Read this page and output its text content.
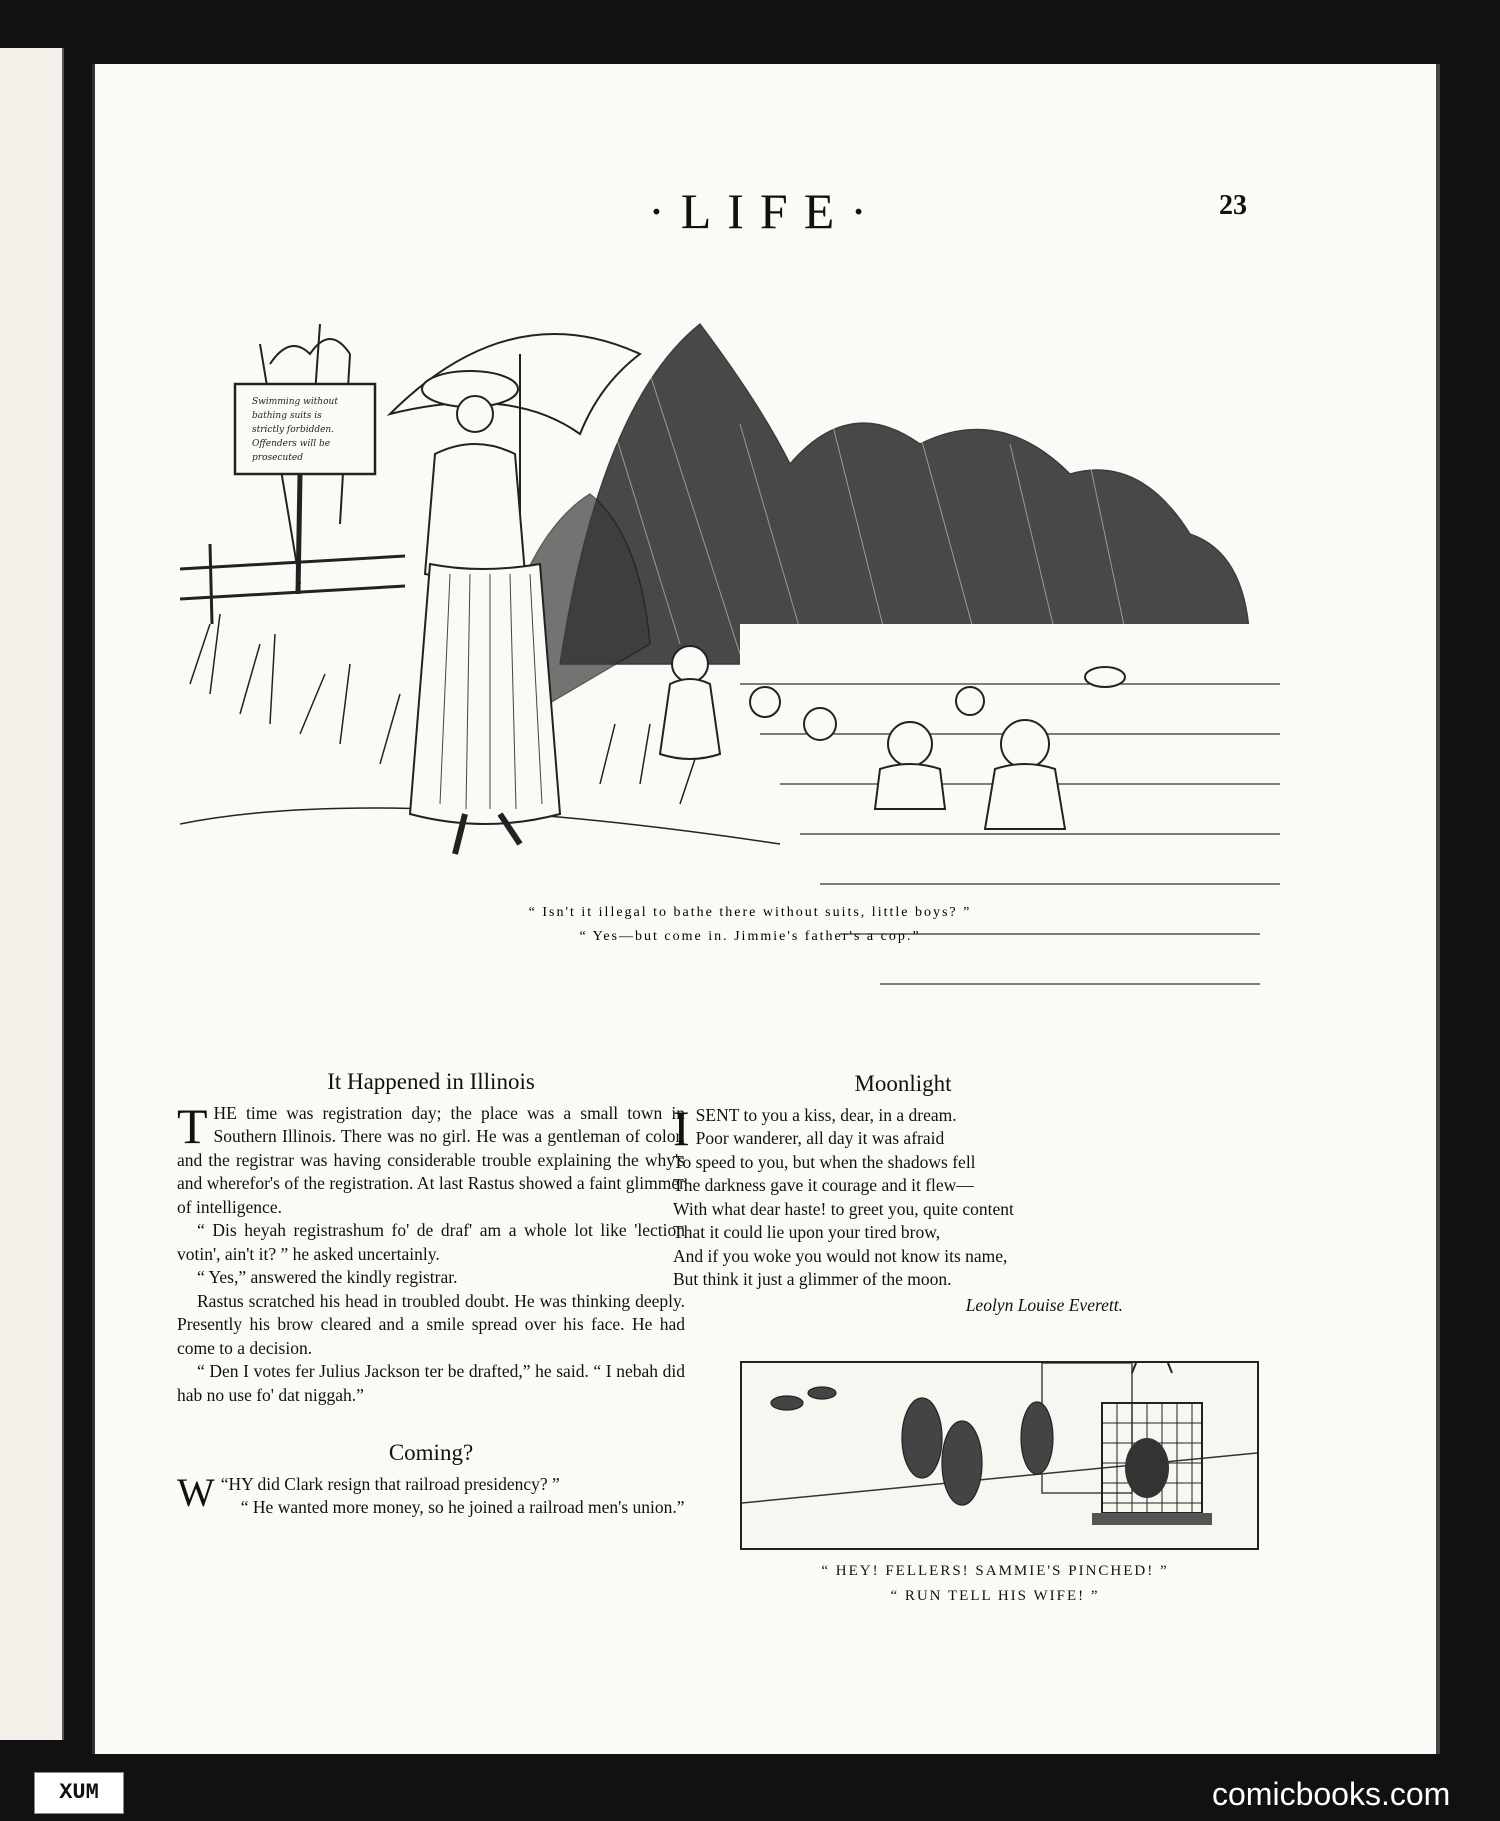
·LIFE·	23
Swimming without
bathing suits is
strictly forbidden.
Offenders will be
prosecuted
“ Isn't it illegal to bathe there without suits, little boys? ”
“ Yes—but come in. Jimmie's father's a cop.”
It Happened in Illinois

THE time was registration day; the place was a small town in Southern Illinois. There was no girl. He was a gentleman of color, and the registrar was having considerable trouble explaining the why's and wherefor's of the registration. At last Rastus showed a faint glimmer of intelligence.

“ Dis heyah registrashum fo' de draf' am a whole lot like 'lection votin', ain't it? ” he asked uncertainly.

“ Yes,” answered the kindly registrar.

Rastus scratched his head in troubled doubt. He was thinking deeply. Presently his brow cleared and a smile spread over his face. He had come to a decision.

“ Den I votes fer Julius Jackson ter be drafted,” he said. “ I nebah did hab no use fo' dat niggah.”

Coming?

“
W HY did Clark resign that railroad presidency? ”

“ He wanted more money, so he joined a railroad men's union.”

Moonlight
I SENT to you a kiss, dear, in a dream.
Poor wanderer, all day it was afraid
To speed to you, but when the shadows fell
The darkness gave it courage and it flew—
With what dear haste! to greet you, quite content
That it could lie upon your tired brow,
And if you woke you would not know its name,
But think it just a glimmer of the moon.
Leolyn Louise Everett.
“ HEY! FELLERS! SAMMIE'S PINCHED! ”
“ RUN TELL HIS WIFE! ”
XUM	comicbooks.com
